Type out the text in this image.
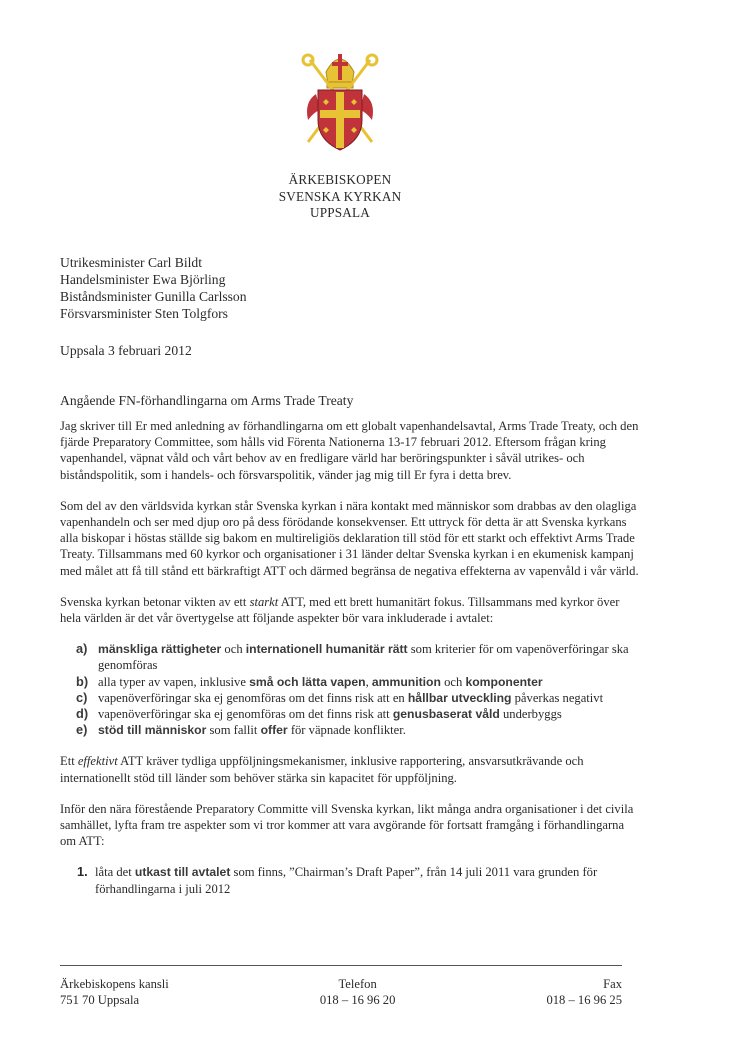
ÄRKEBISKOPEN
SVENSKA KYRKAN
UPPSALA
Utrikesminister Carl Bildt
Handelsminister Ewa Björling
Biståndsminister Gunilla Carlsson
Försvarsminister Sten Tolgfors
Uppsala 3 februari 2012
Angående FN-förhandlingarna om Arms Trade Treaty

Jag skriver till Er med anledning av förhandlingarna om ett globalt vapenhandelsavtal, Arms Trade Treaty, och den fjärde Preparatory Committee, som hålls vid Förenta Nationerna 13-17 februari 2012. Eftersom frågan kring vapenhandel, väpnat våld och vårt behov av en fredligare värld har beröringspunkter i såväl utrikes- och biståndspolitik, som i handels- och försvarspolitik, vänder jag mig till Er fyra i detta brev.

Som del av den världsvida kyrkan står Svenska kyrkan i nära kontakt med människor som drabbas av den olagliga vapenhandeln och ser med djup oro på dess förödande konsekvenser. Ett uttryck för detta är att Svenska kyrkans alla biskopar i höstas ställde sig bakom en multireligiös deklaration till stöd för ett starkt och effektivt Arms Trade Treaty. Tillsammans med 60 kyrkor och organisationer i 31 länder deltar Svenska kyrkan i en ekumenisk kampanj med målet att få till stånd ett bärkraftigt ATT och därmed begränsa de negativa effekterna av vapenvåld i vår värld.

Svenska kyrkan betonar vikten av ett starkt ATT, med ett brett humanitärt fokus. Tillsammans med kyrkor över hela världen är det vår övertygelse att följande aspekter bör vara inkluderade i avtalet:

a) mänskliga rättigheter och internationell humanitär rätt som kriterier för om vapenöverföringar ska genomföras
b) alla typer av vapen, inklusive små och lätta vapen, ammunition och komponenter
c) vapenöverföringar ska ej genomföras om det finns risk att en hållbar utveckling påverkas negativt
d) vapenöverföringar ska ej genomföras om det finns risk att genusbaserat våld underbyggs
e) stöd till människor som fallit offer för väpnade konflikter.

Ett effektivt ATT kräver tydliga uppföljningsmekanismer, inklusive rapportering, ansvarsutkrävande och internationellt stöd till länder som behöver stärka sin kapacitet för uppföljning.

Inför den nära förestående Preparatory Committe vill Svenska kyrkan, likt många andra organisationer i det civila samhället, lyfta fram tre aspekter som vi tror kommer att vara avgörande för fortsatt framgång i förhandlingarna om ATT:

1. låta det utkast till avtalet som finns, ”Chairman’s Draft Paper”, från 14 juli 2011 vara grunden för förhandlingarna i juli 2012
Ärkebiskopens kansli
751 70 Uppsala
Telefon
018 – 16 96 20
Fax
018 – 16 96 25
